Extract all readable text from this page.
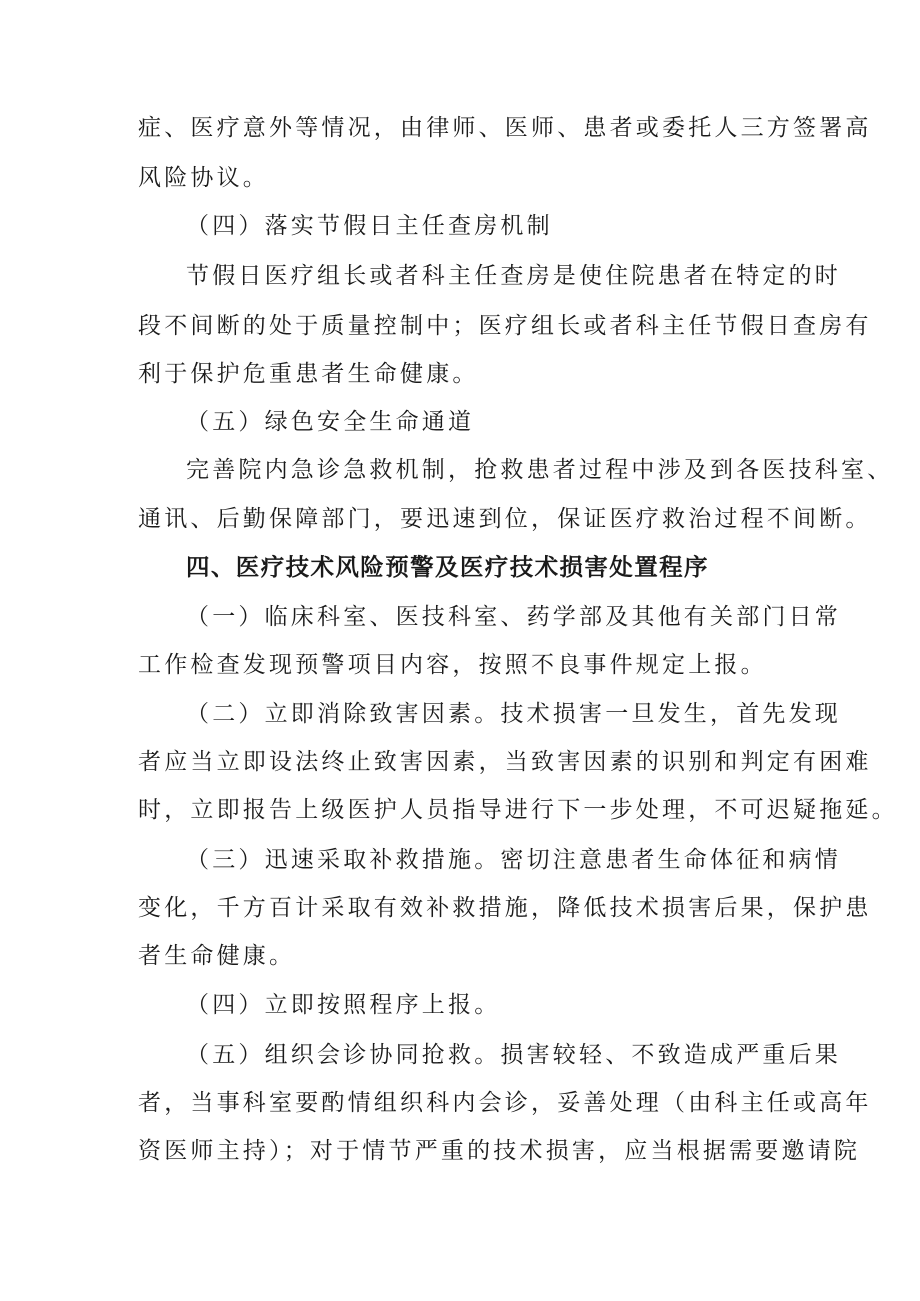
症、医疗意外等情况，由律师、医师、患者或委托人三方签署高
风险协议。
（四）落实节假日主任查房机制
节假日医疗组长或者科主任查房是使住院患者在特定的时
段不间断的处于质量控制中；医疗组长或者科主任节假日查房有
利于保护危重患者生命健康。
（五）绿色安全生命通道
完善院内急诊急救机制，抢救患者过程中涉及到各医技科室、
通讯、后勤保障部门，要迅速到位，保证医疗救治过程不间断。
四、医疗技术风险预警及医疗技术损害处置程序
（一）临床科室、医技科室、药学部及其他有关部门日常
工作检查发现预警项目内容，按照不良事件规定上报。
（二）立即消除致害因素。技术损害一旦发生，首先发现
者应当立即设法终止致害因素，当致害因素的识别和判定有困难
时，立即报告上级医护人员指导进行下一步处理，不可迟疑拖延。
（三）迅速采取补救措施。密切注意患者生命体征和病情
变化，千方百计采取有效补救措施，降低技术损害后果，保护患
者生命健康。
（四）立即按照程序上报。
（五）组织会诊协同抢救。损害较轻、不致造成严重后果
者，当事科室要酌情组织科内会诊，妥善处理（由科主任或高年
资医师主持）；对于情节严重的技术损害，应当根据需要邀请院
